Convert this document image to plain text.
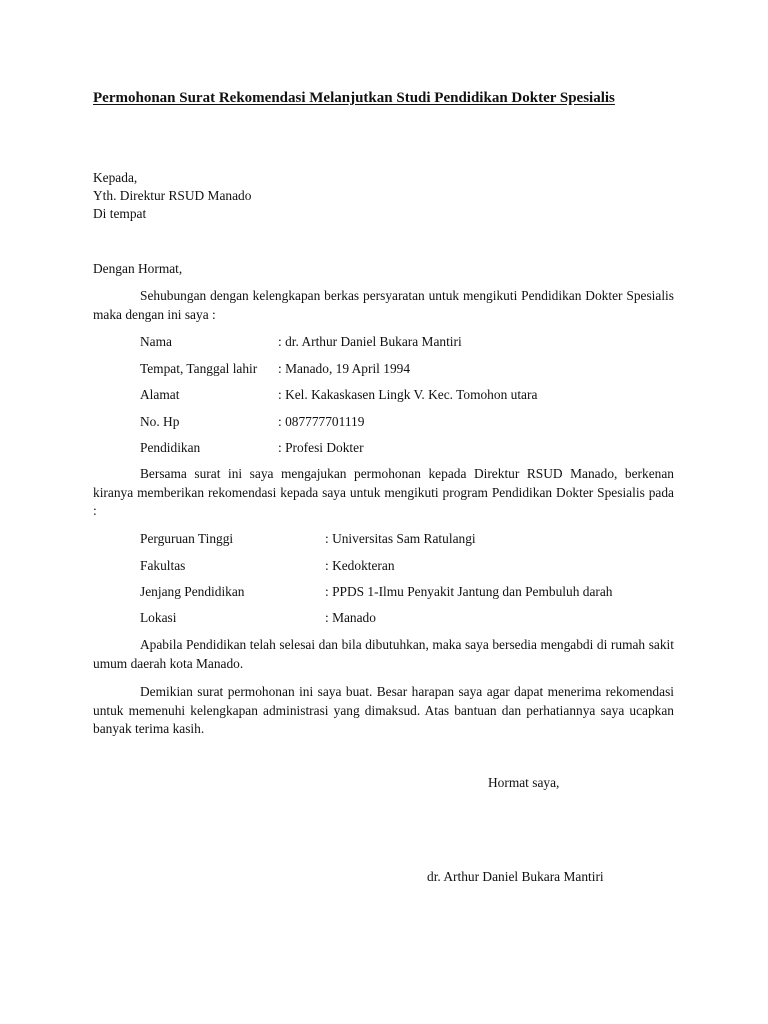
Permohonan Surat Rekomendasi Melanjutkan Studi Pendidikan Dokter Spesialis
Kepada,
Yth. Direktur RSUD Manado
Di tempat
Dengan Hormat,
Sehubungan dengan kelengkapan berkas persyaratan untuk mengikuti Pendidikan Dokter Spesialis maka dengan ini saya :
Nama	: dr. Arthur Daniel Bukara Mantiri
Tempat, Tanggal lahir : Manado, 19 April 1994
Alamat	: Kel. Kakaskasen Lingk V. Kec. Tomohon utara
No. Hp	: 087777701119
Pendidikan	: Profesi Dokter
Bersama surat ini saya mengajukan permohonan kepada Direktur RSUD Manado, berkenan kiranya memberikan rekomendasi kepada saya untuk mengikuti program Pendidikan Dokter Spesialis pada :
Perguruan Tinggi	: Universitas Sam Ratulangi
Fakultas	: Kedokteran
Jenjang Pendidikan	: PPDS 1-Ilmu Penyakit Jantung dan Pembuluh darah
Lokasi	: Manado
Apabila Pendidikan telah selesai dan bila dibutuhkan, maka saya bersedia mengabdi di rumah sakit umum daerah kota Manado.
Demikian surat permohonan ini saya buat. Besar harapan saya agar dapat menerima rekomendasi untuk memenuhi kelengkapan administrasi yang dimaksud. Atas bantuan dan perhatiannya saya ucapkan banyak terima kasih.
Hormat saya,
dr. Arthur Daniel Bukara Mantiri
